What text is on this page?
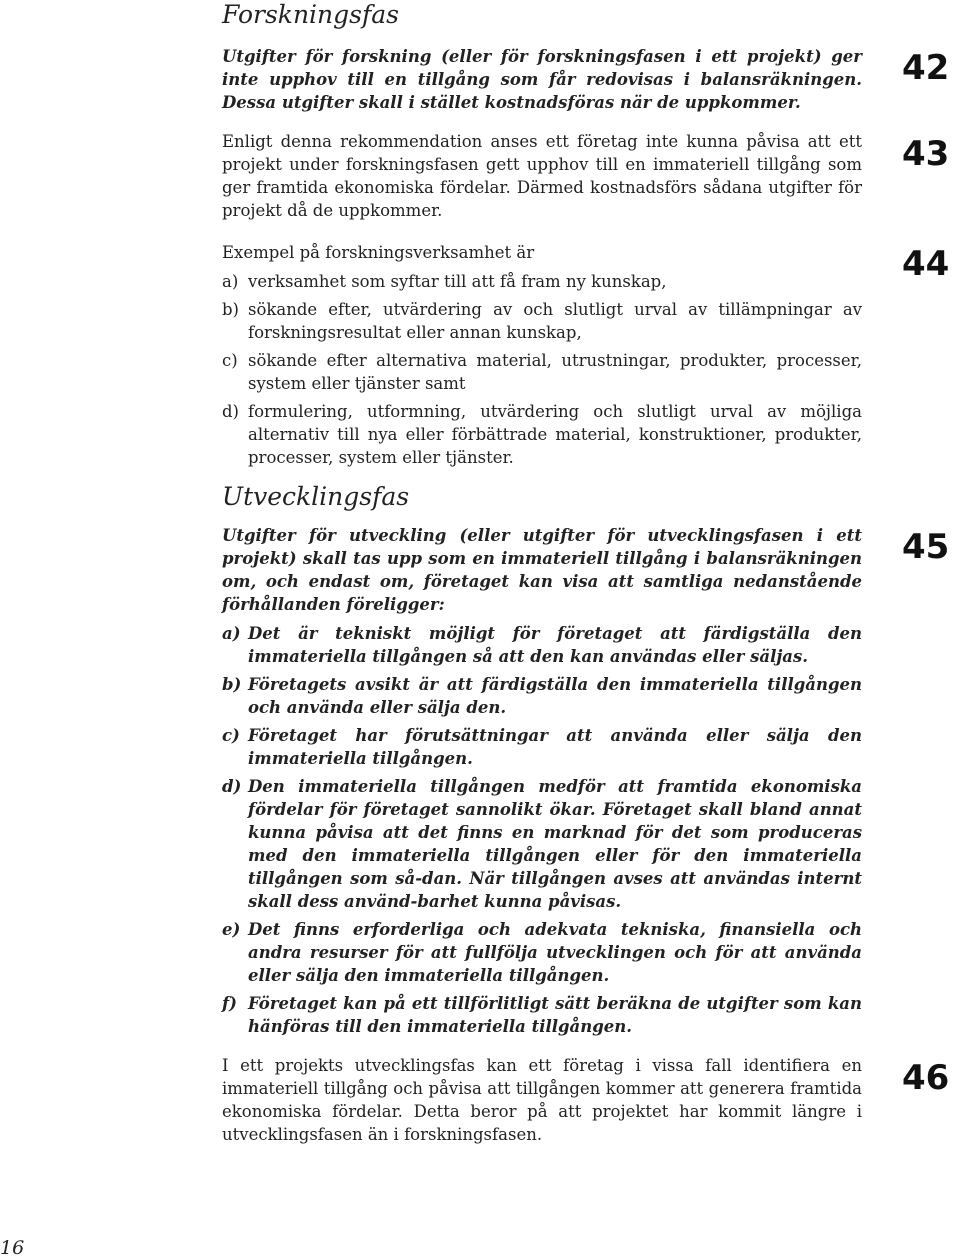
Forskningsfas

Utgifter för forskning (eller för forskningsfasen i ett projekt) ger inte upphov till en tillgång som får redovisas i balansräkningen. Dessa utgifter skall i stället kostnadsföras när de uppkommer.

Enligt denna rekommendation anses ett företag inte kunna påvisa att ett projekt under forskningsfasen gett upphov till en immateriell tillgång som ger framtida ekonomiska fördelar. Därmed kostnadsförs sådana utgifter för projekt då de uppkommer.

Exempel på forskningsverksamhet är

a) verksamhet som syftar till att få fram ny kunskap,
b) sökande efter, utvärdering av och slutligt urval av tillämpningar av forskningsresultat eller annan kunskap,
c) sökande efter alternativa material, utrustningar, produkter, processer, system eller tjänster samt
d) formulering, utformning, utvärdering och slutligt urval av möjliga alternativ till nya eller förbättrade material, konstruktioner, produkter, processer, system eller tjänster.
Utvecklingsfas

Utgifter för utveckling (eller utgifter för utvecklingsfasen i ett projekt) skall tas upp som en immateriell tillgång i balansräkningen om, och endast om, företaget kan visa att samtliga nedanstående förhållanden föreligger:

a) Det är tekniskt möjligt för företaget att färdigställa den immateriella tillgången så att den kan användas eller säljas.
b) Företagets avsikt är att färdigställa den immateriella tillgången och använda eller sälja den.
c) Företaget har förutsättningar att använda eller sälja den immateriella tillgången.
d) Den immateriella tillgången medför att framtida ekonomiska fördelar för företaget sannolikt ökar. Företaget skall bland annat kunna påvisa att det finns en marknad för det som produceras med den immateriella tillgången eller för den immateriella tillgången som så-dan. När tillgången avses att användas internt skall dess använd-barhet kunna påvisas.
e) Det finns erforderliga och adekvata tekniska, finansiella och andra resurser för att fullfölja utvecklingen och för att använda eller sälja den immateriella tillgången.
f) Företaget kan på ett tillförlitligt sätt beräkna de utgifter som kan hänföras till den immateriella tillgången.

I ett projekts utvecklingsfas kan ett företag i vissa fall identifiera en immateriell tillgång och påvisa att tillgången kommer att generera framtida ekonomiska fördelar. Detta beror på att projektet har kommit längre i utvecklingsfasen än i forskningsfasen.

42
43
44
45
46
16
